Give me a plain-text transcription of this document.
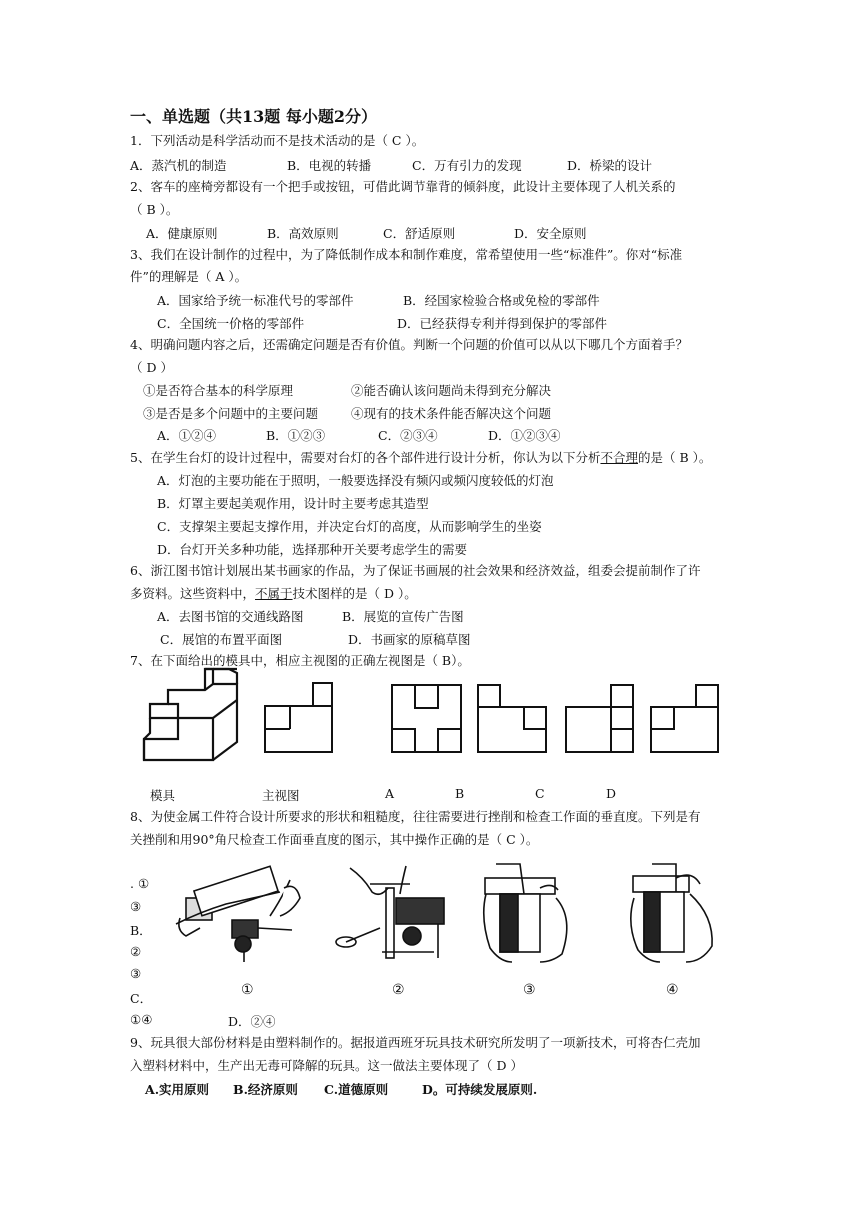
一、单选题（共13题 每小题2分）
1．下列活动是科学活动而不是技术活动的是（ C ）。
A．蒸汽机的制造	B．电视的转播	C．万有引力的发现	D．桥梁的设计
2、客车的座椅旁都设有一个把手或按钮，可借此调节靠背的倾斜度，此设计主要体现了人机关系的
（ B ）。
A．健康原则	B．高效原则	C．舒适原则	D．安全原则
3、我们在设计制作的过程中，为了降低制作成本和制作难度，常希望使用一些“标准件”。你对“标准
件”的理解是（ A ）。
A．国家给予统一标准代号的零部件	B．经国家检验合格或免检的零部件
C．全国统一价格的零部件	D．已经获得专利并得到保护的零部件
4、明确问题内容之后，还需确定问题是否有价值。判断一个问题的价值可以从以下哪几个方面着手？
（ D ）
①是否符合基本的科学原理	②能否确认该问题尚未得到充分解决
③是否是多个问题中的主要问题	④现有的技术条件能否解决这个问题
A．①②④	B．①②③	C．②③④	D．①②③④
5、在学生台灯的设计过程中，需要对台灯的各个部件进行设计分析，你认为以下分析不合理的是（ B ）。
A．灯泡的主要功能在于照明，一般要选择没有频闪或频闪度较低的灯泡
B．灯罩主要起美观作用，设计时主要考虑其造型
C．支撑架主要起支撑作用，并决定台灯的高度，从而影响学生的坐姿
D．台灯开关多种功能，选择那种开关要考虑学生的需要
6、浙江图书馆计划展出某书画家的作品，为了保证书画展的社会效果和经济效益，组委会提前制作了许
多资料。这些资料中，不属于技术图样的是（ D ）。
A．去图书馆的交通线路图	B．展览的宣传广告图
C．展馆的布置平面图	D．书画家的原稿草图
7、在下面给出的模具中，相应主视图的正确左视图是（ B）。
模具	主视图	A	B	C	D
8、为使金属工件符合设计所要求的形状和粗糙度，往往需要进行挫削和检查工作面的垂直度。下列是有
关挫削和用90°角尺检查工作面垂直度的图示，其中操作正确的是（ C ）。
. ①
③
B．
②
③
C．
①④	D．②④
①	②	③	④
9、玩具很大部份材料是由塑料制作的。据报道西班牙玩具技术研究所发明了一项新技术，可将杏仁壳加
入塑料材料中，生产出无毒可降解的玩具。这一做法主要体现了（ D ）
A.实用原则 B.经济原则 C.道德原则	D。可持续发展原则.
